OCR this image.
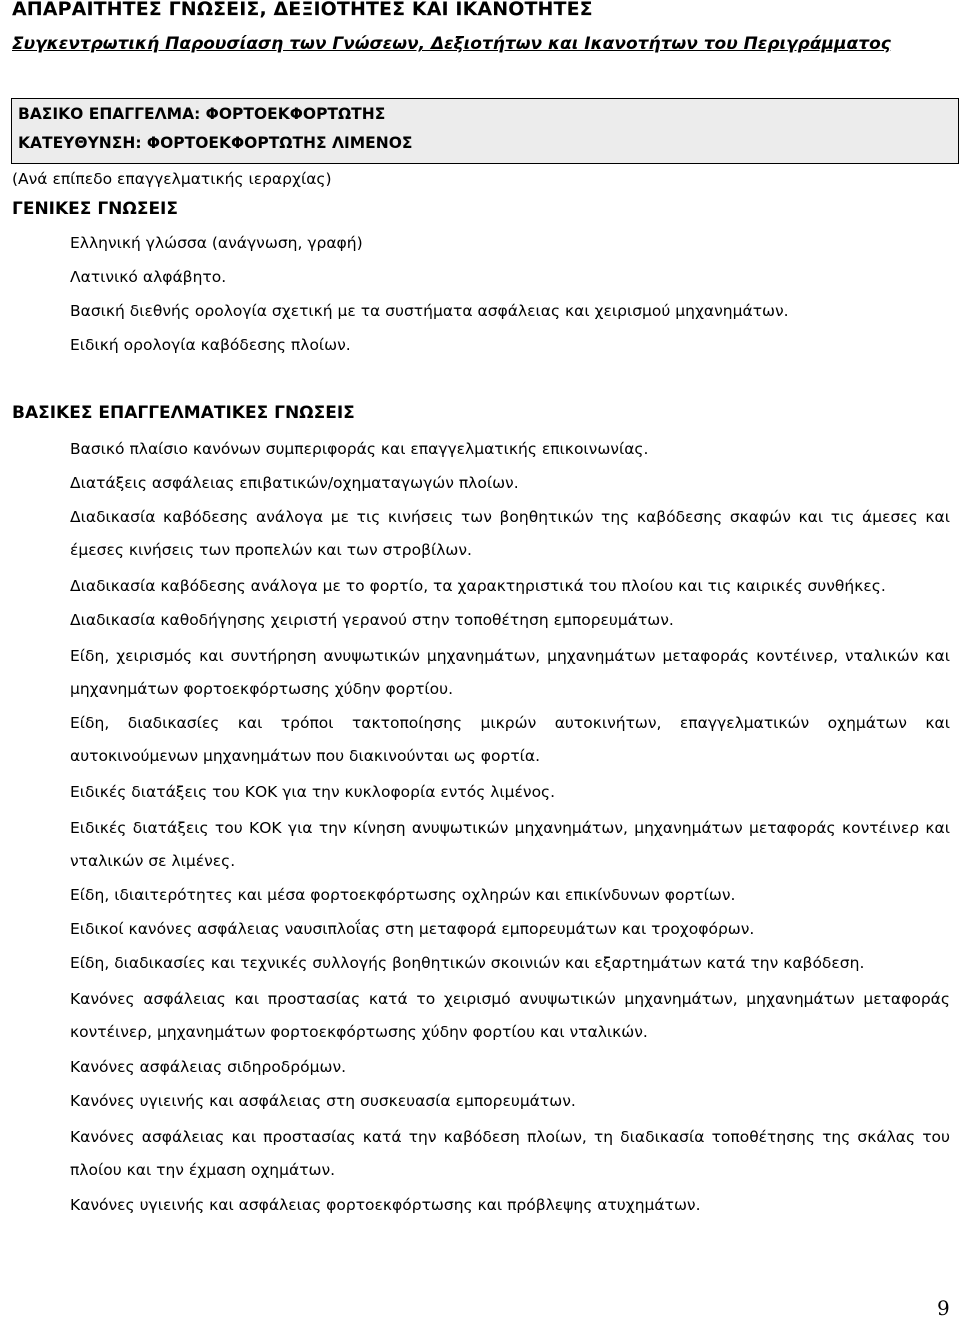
ΑΠΑΡΑΙΤΗΤΕΣ ΓΝΩΣΕΙΣ, ΔΕΞΙΟΤΗΤΕΣ ΚΑΙ ΙΚΑΝΟΤΗΤΕΣ
Συγκεντρωτική Παρουσίαση των Γνώσεων, Δεξιοτήτων και Ικανοτήτων του Περιγράμματος
ΒΑΣΙΚΟ ΕΠΑΓΓΕΛΜΑ: ΦΟΡΤΟΕΚΦΟΡΤΩΤΗΣ
ΚΑΤΕΥΘΥΝΣΗ: ΦΟΡΤΟΕΚΦΟΡΤΩΤΗΣ ΛΙΜΕΝΟΣ
(Ανά επίπεδο επαγγελματικής ιεραρχίας)
ΓΕΝΙΚΕΣ ΓΝΩΣΕΙΣ
Ελληνική γλώσσα (ανάγνωση, γραφή)
Λατινικό αλφάβητο.
Βασική διεθνής ορολογία σχετική με τα συστήματα ασφάλειας και χειρισμού μηχανημάτων.
Ειδική ορολογία καβόδεσης πλοίων.
ΒΑΣΙΚΕΣ ΕΠΑΓΓΕΛΜΑΤΙΚΕΣ ΓΝΩΣΕΙΣ
Βασικό πλαίσιο κανόνων συμπεριφοράς και επαγγελματικής επικοινωνίας.
Διατάξεις ασφάλειας επιβατικών/οχηματαγωγών πλοίων.
Διαδικασία καβόδεσης ανάλογα με τις κινήσεις των βοηθητικών της καβόδεσης σκαφών και τις άμεσες και έμεσες κινήσεις των προπελών και των στροβίλων.
Διαδικασία καβόδεσης ανάλογα με το φορτίο, τα χαρακτηριστικά του πλοίου και τις καιρικές συνθήκες.
Διαδικασία καθοδήγησης χειριστή γερανού στην τοποθέτηση εμπορευμάτων.
Είδη, χειρισμός και συντήρηση ανυψωτικών μηχανημάτων, μηχανημάτων μεταφοράς κοντέινερ, νταλικών και μηχανημάτων φορτοεκφόρτωσης χύδην φορτίου.
Είδη, διαδικασίες και τρόποι τακτοποίησης μικρών αυτοκινήτων, επαγγελματικών οχημάτων και αυτοκινούμενων μηχανημάτων που διακινούνται ως φορτία.
Ειδικές διατάξεις του ΚΟΚ για την κυκλοφορία εντός λιμένος.
Ειδικές διατάξεις του ΚΟΚ για την κίνηση ανυψωτικών μηχανημάτων, μηχανημάτων μεταφοράς κοντέινερ και νταλικών σε λιμένες.
Είδη, ιδιαιτερότητες και μέσα φορτοεκφόρτωσης οχληρών και επικίνδυνων φορτίων.
Ειδικοί κανόνες ασφάλειας ναυσιπλοΐας στη μεταφορά εμπορευμάτων και τροχοφόρων.
Είδη, διαδικασίες και τεχνικές συλλογής βοηθητικών σκοινιών και εξαρτημάτων κατά την καβόδεση.
Κανόνες ασφάλειας και προστασίας κατά το χειρισμό ανυψωτικών μηχανημάτων, μηχανημάτων μεταφοράς κοντέινερ, μηχανημάτων φορτοεκφόρτωσης χύδην φορτίου και νταλικών.
Κανόνες ασφάλειας σιδηροδρόμων.
Κανόνες υγιεινής και ασφάλειας στη συσκευασία εμπορευμάτων.
Κανόνες ασφάλειας και προστασίας κατά την καβόδεση πλοίων, τη διαδικασία τοποθέτησης της σκάλας του πλοίου και την έχμαση οχημάτων.
Κανόνες υγιεινής και ασφάλειας φορτοεκφόρτωσης και πρόβλεψης ατυχημάτων.
9
